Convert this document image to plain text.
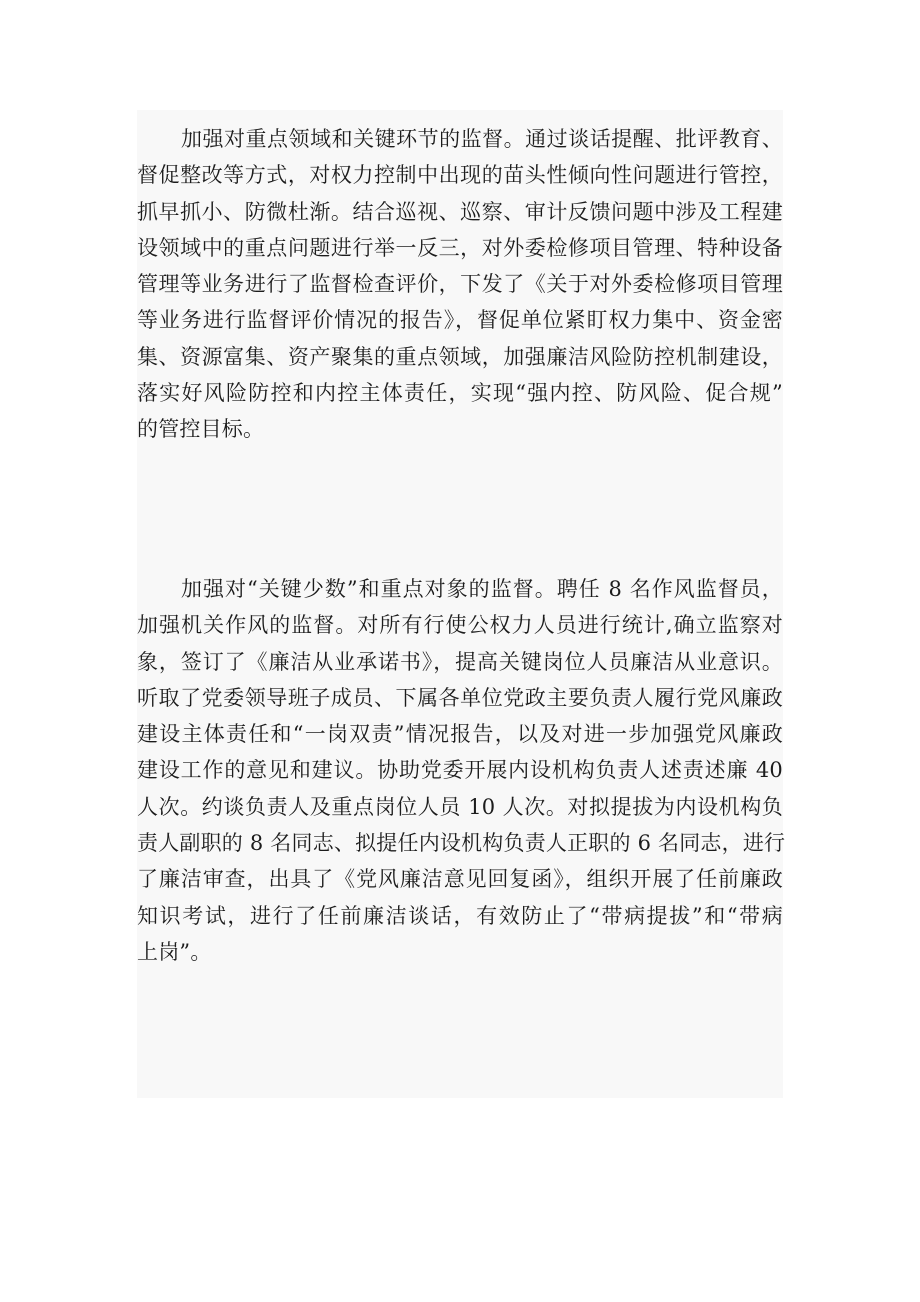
加强对重点领域和关键环节的监督。通过谈话提醒、批评教育、
督促整改等方式，对权力控制中出现的苗头性倾向性问题进行管控，
抓早抓小、防微杜渐。结合巡视、巡察、审计反馈问题中涉及工程建
设领域中的重点问题进行举一反三，对外委检修项目管理、特种设备
管理等业务进行了监督检查评价，下发了《关于对外委检修项目管理
等业务进行监督评价情况的报告》，督促单位紧盯权力集中、资金密
集、资源富集、资产聚集的重点领域，加强廉洁风险防控机制建设，
落实好风险防控和内控主体责任，实现“强内控、防风险、促合规”
的管控目标。
加强对“关键少数”和重点对象的监督。聘任 8 名作风监督员，
加强机关作风的监督。对所有行使公权力人员进行统计,确立监察对
象，签订了《廉洁从业承诺书》，提高关键岗位人员廉洁从业意识。
听取了党委领导班子成员、下属各单位党政主要负责人履行党风廉政
建设主体责任和“一岗双责”情况报告，以及对进一步加强党风廉政
建设工作的意见和建议。协助党委开展内设机构负责人述责述廉 40
人次。约谈负责人及重点岗位人员 10 人次。对拟提拔为内设机构负
责人副职的 8 名同志、拟提任内设机构负责人正职的 6 名同志，进行
了廉洁审查，出具了《党风廉洁意见回复函》，组织开展了任前廉政
知识考试，进行了任前廉洁谈话，有效防止了“带病提拔”和“带病
上岗”。
